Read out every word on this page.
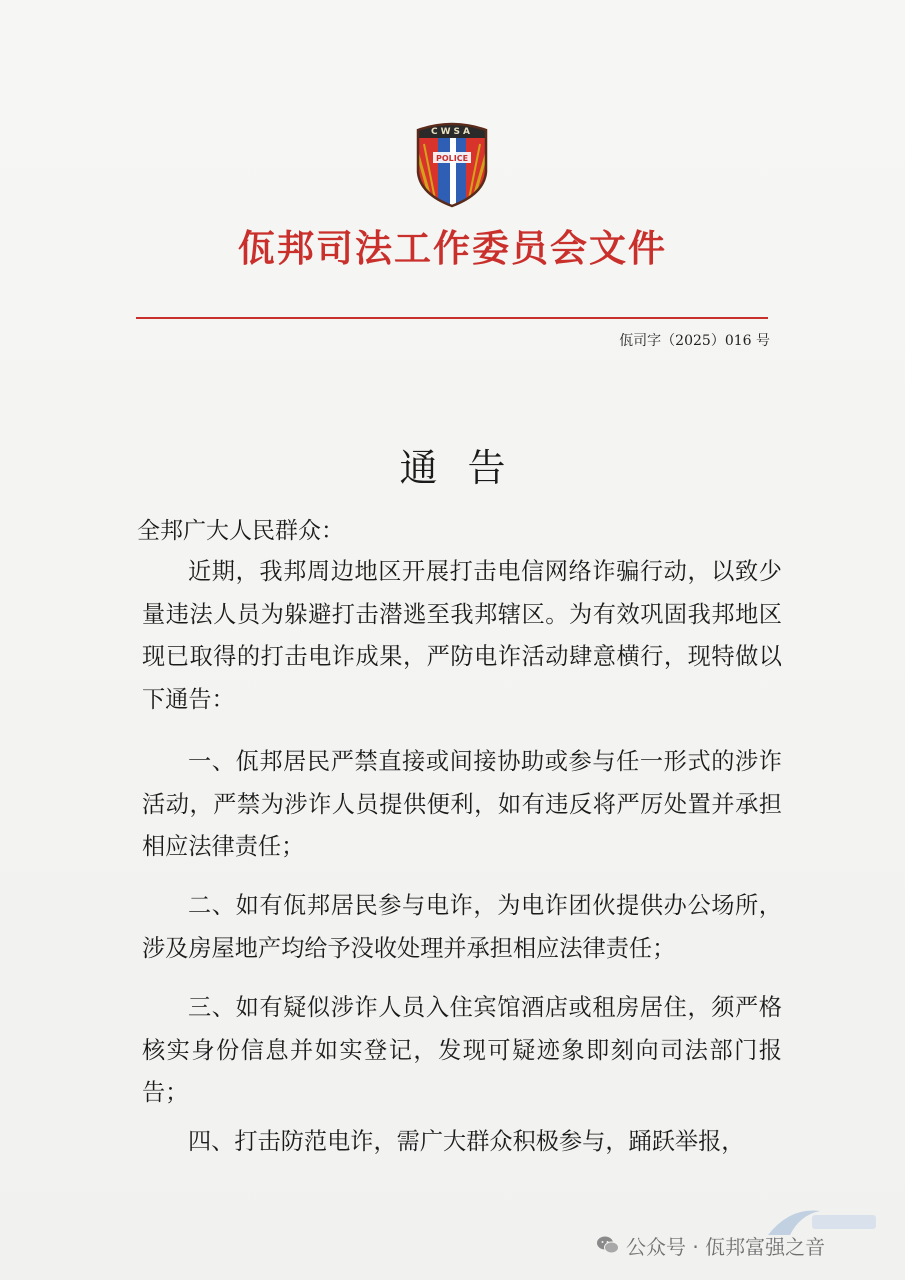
CWSA
POLICE
佤邦司法工作委员会文件
佤司字（2025）016 号
通告
全邦广大人民群众：
近期，我邦周边地区开展打击电信网络诈骗行动，以致少量违法人员为躲避打击潜逃至我邦辖区。为有效巩固我邦地区现已取得的打击电诈成果，严防电诈活动肆意横行，现特做以下通告：
一、佤邦居民严禁直接或间接协助或参与任一形式的涉诈活动，严禁为涉诈人员提供便利，如有违反将严厉处置并承担相应法律责任；
二、如有佤邦居民参与电诈，为电诈团伙提供办公场所，涉及房屋地产均给予没收处理并承担相应法律责任；
三、如有疑似涉诈人员入住宾馆酒店或租房居住，须严格核实身份信息并如实登记，发现可疑迹象即刻向司法部门报告；
四、打击防范电诈，需广大群众积极参与，踊跃举报，
公众号 · 佤邦富强之音
